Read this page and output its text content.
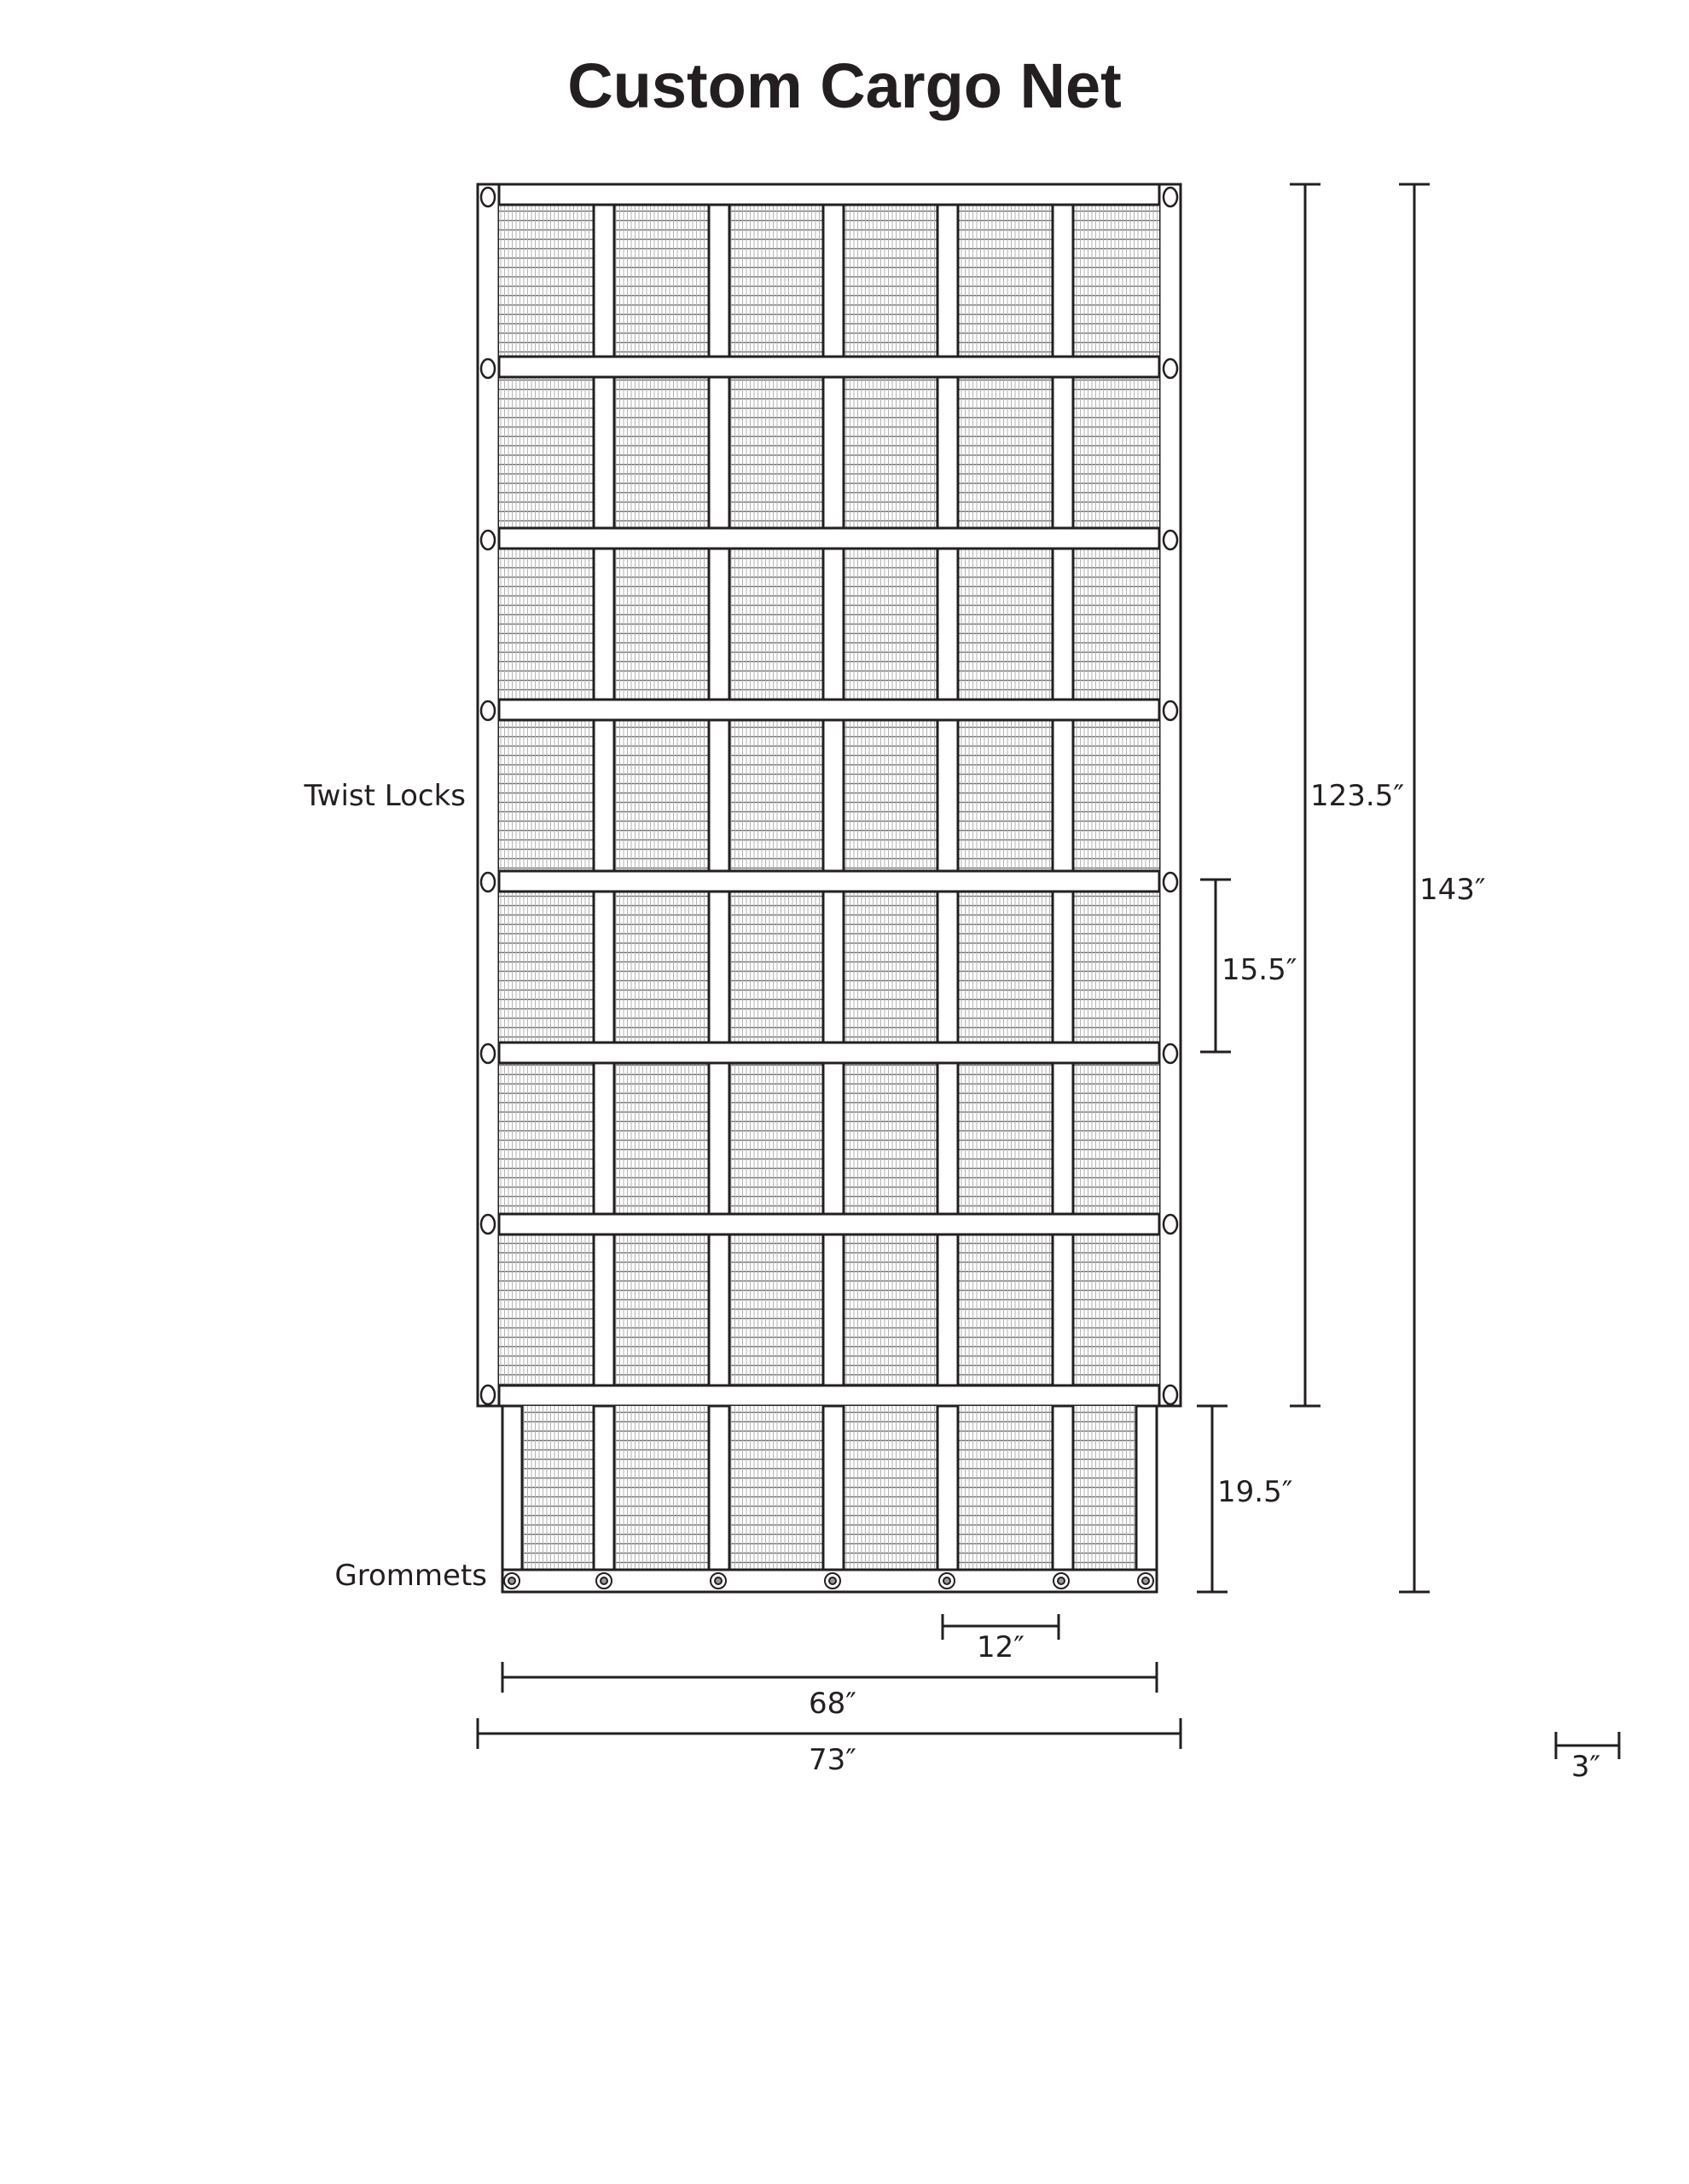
Custom Cargo Net
Twist Locks
Grommets
123.5″
143″
15.5″
19.5″
12″
68″
73″	3″
